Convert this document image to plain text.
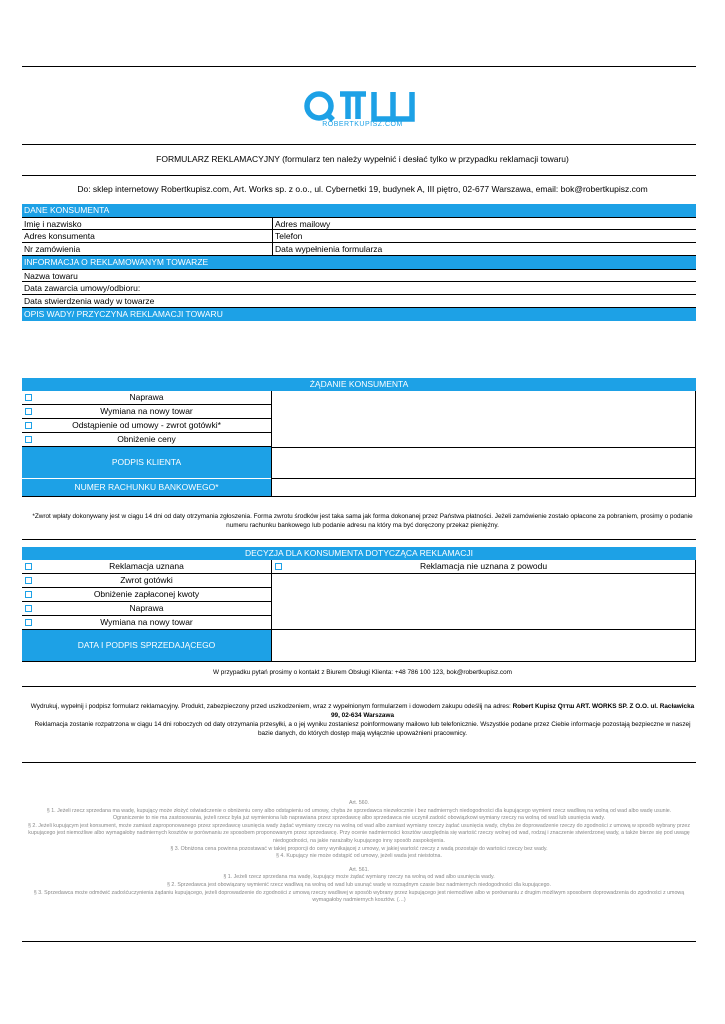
ROBERTKUPISZ.COM
FORMULARZ REKLAMACYJNY (formularz ten należy wypełnić i desłać tylko w przypadku reklamacji towaru)
Do: sklep internetowy Robertkupisz.com, Art. Works sp. z o.o., ul. Cybernetki 19, budynek A, III piętro, 02-677 Warszawa, email: bok@robertkupisz.com
DANE KONSUMENTA
Imię i nazwisko	Adres mailowy
Adres konsumenta	Telefon
Nr zamówienia	Data wypełnienia formularza
INFORMACJA O REKLAMOWANYM TOWARZE
Nazwa towaru
Data zawarcia umowy/odbioru:
Data stwierdzenia wady w towarze
OPIS WADY/ PRZYCZYNA REKLAMACJI TOWARU
ŻĄDANIE KONSUMENTA
Naprawa
Wymiana na nowy towar
Odstąpienie od umowy - zwrot gotówki*
Obniżenie ceny
PODPIS KLIENTA
NUMER RACHUNKU BANKOWEGO*
*Zwrot wpłaty dokonywany jest w ciągu 14 dni od daty otrzymania zgłoszenia. Forma zwrotu środków jest taka sama jak forma dokonanej przez Państwa płatności. Jeżeli zamówienie zostało opłacone za pobraniem, prosimy o podanie numeru rachunku bankowego lub podanie adresu na który ma być doręczony przekaz pieniężny.
DECYZJA DLA KONSUMENTA DOTYCZĄCA REKLAMACJI
Reklamacja uznana	Reklamacja nie uznana z powodu
Zwrot gotówki
Obniżenie zapłaconej kwoty
Naprawa
Wymiana na nowy towar
DATA I PODPIS SPRZEDAJĄCEGO
W przypadku pytań prosimy o kontakt z Biurem Obsługi Klienta: +48 786 100 123, bok@robertkupisz.com
Wydrukuj, wypełnij i podpisz formularz reklamacyjny. Produkt, zabezpieczony przed uszkodzeniem, wraz z wypełnionym formularzem i dowodem zakupu odeślij na adres: Robert Kupisz Qттш ART. WORKS SP. Z O.O. ul. Racławicka 99, 02-634 Warszawa
Reklamacja zostanie rozpatrzona w ciągu 14 dni roboczych od daty otrzymania przesyłki, a o jej wyniku zostaniesz poinformowany mailowo lub telefonicznie. Wszystkie podane przez Ciebie informacje pozostają bezpieczne w naszej bazie danych, do których dostęp mają wyłącznie upoważnieni pracownicy.
Art. 560.
§ 1. Jeżeli rzecz sprzedana ma wadę, kupujący może złożyć oświadczenie o obniżeniu ceny albo odstąpieniu od umowy, chyba że sprzedawca niezwłocznie i bez nadmiernych niedogodności dla kupującego wymieni rzecz wadliwą na wolną od wad albo wadę usunie.
Ograniczenie to nie ma zastosowania, jeżeli rzecz była już wymieniona lub naprawiana przez sprzedawcę albo sprzedawca nie uczynił zadość obowiązkowi wymiany rzeczy na wolną od wad lub usunięcia wady.
§ 2. Jeżeli kupującym jest konsument, może zamiast zaproponowanego przez sprzedawcę usunięcia wady żądać wymiany rzeczy na wolną od wad albo zamiast wymiany rzeczy żądać usunięcia wady, chyba że doprowadzenie rzeczy do zgodności z umową w sposób wybrany przez kupującego jest niemożliwe albo wymagałoby nadmiernych kosztów w porównaniu ze sposobem proponowanym przez sprzedawcę. Przy ocenie nadmierności kosztów uwzględnia się wartość rzeczy wolnej od wad, rodzaj i znaczenie stwierdzonej wady, a także bierze się pod uwagę niedogodności, na jakie narażałby kupującego inny sposób zaspokojenia.
§ 3. Obniżona cena powinna pozostawać w takiej proporcji do ceny wynikającej z umowy, w jakiej wartość rzeczy z wadą pozostaje do wartości rzeczy bez wady.
§ 4. Kupujący nie może odstąpić od umowy, jeżeli wada jest nieistotna.
Art. 561.
§ 1. Jeżeli rzecz sprzedana ma wadę, kupujący może żądać wymiany rzeczy na wolną od wad albo usunięcia wady.
§ 2. Sprzedawca jest obowiązany wymienić rzecz wadliwą na wolną od wad lub usunąć wadę w rozsądnym czasie bez nadmiernych niedogodności dla kupującego.
§ 3. Sprzedawca może odmówić zadośćuczynienia żądaniu kupującego, jeżeli doprowadzenie do zgodności z umową rzeczy wadliwej w sposób wybrany przez kupującego jest niemożliwe albo w porównaniu z drugim możliwym sposobem doprowadzenia do zgodności z umową wymagałoby nadmiernych kosztów. (…)
